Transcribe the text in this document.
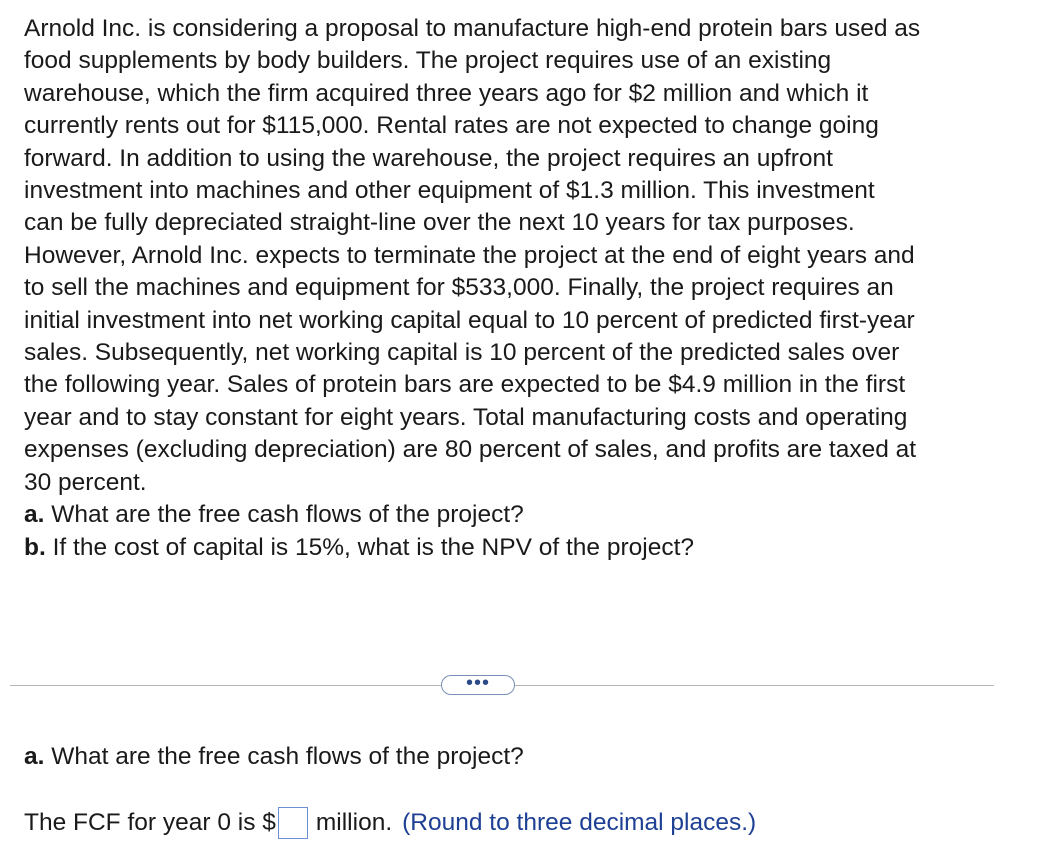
Arnold Inc. is considering a proposal to manufacture high-end protein bars used as
food supplements by body builders. The project requires use of an existing
warehouse, which the firm acquired three years ago for $2 million and which it
currently rents out for $115,000. Rental rates are not expected to change going
forward. In addition to using the warehouse, the project requires an upfront
investment into machines and other equipment of $1.3 million. This investment
can be fully depreciated straight-line over the next 10 years for tax purposes.
However, Arnold Inc. expects to terminate the project at the end of eight years and
to sell the machines and equipment for $533,000. Finally, the project requires an
initial investment into net working capital equal to 10 percent of predicted first-year
sales. Subsequently, net working capital is 10 percent of the predicted sales over
the following year. Sales of protein bars are expected to be $4.9 million in the first
year and to stay constant for eight years. Total manufacturing costs and operating
expenses (excluding depreciation) are 80 percent of sales, and profits are taxed at
30 percent.

a. What are the free cash flows of the project?

b. If the cost of capital is 15%, what is the NPV of the project?

•••
a. What are the free cash flows of the project?
The FCF for year 0 is $ million. (Round to three decimal places.)
